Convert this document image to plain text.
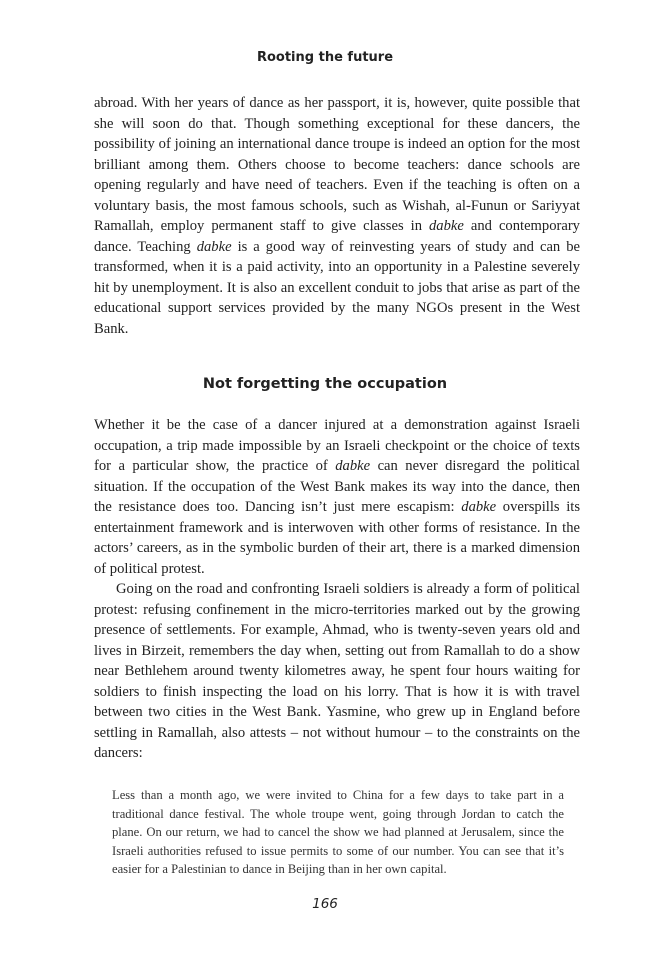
Rooting the future

abroad. With her years of dance as her passport, it is, however, quite possible that she will soon do that. Though something exceptional for these dancers, the possibility of joining an international dance troupe is indeed an option for the most brilliant among them. Others choose to become teachers: dance schools are opening regularly and have need of teachers. Even if the teaching is often on a voluntary basis, the most famous schools, such as Wishah, al-Funun or Sariyyat Ramallah, employ permanent staff to give classes in dabke and contemporary dance. Teaching dabke is a good way of reinvesting years of study and can be transformed, when it is a paid activity, into an opportunity in a Palestine severely hit by unemployment. It is also an excellent conduit to jobs that arise as part of the educational support services provided by the many NGOs present in the West Bank.

Not forgetting the occupation

Whether it be the case of a dancer injured at a demonstration against Israeli occupation, a trip made impossible by an Israeli checkpoint or the choice of texts for a particular show, the practice of dabke can never disregard the political situation. If the occupation of the West Bank makes its way into the dance, then the resistance does too. Dancing isn’t just mere escapism: dabke overspills its entertainment framework and is interwoven with other forms of resistance. In the actors’ careers, as in the symbolic burden of their art, there is a marked dimension of political protest.

Going on the road and confronting Israeli soldiers is already a form of political protest: refusing confinement in the micro-territories marked out by the growing presence of settlements. For example, Ahmad, who is twenty-seven years old and lives in Birzeit, remembers the day when, setting out from Ramallah to do a show near Bethlehem around twenty kilometres away, he spent four hours waiting for soldiers to finish inspecting the load on his lorry. That is how it is with travel between two cities in the West Bank. Yasmine, who grew up in England before settling in Ramallah, also attests – not without humour – to the constraints on the dancers:

Less than a month ago, we were invited to China for a few days to take part in a traditional dance festival. The whole troupe went, going through Jordan to catch the plane. On our return, we had to cancel the show we had planned at Jerusalem, since the Israeli authorities refused to issue permits to some of our number. You can see that it’s easier for a Palestinian to dance in Beijing than in her own capital.

166
